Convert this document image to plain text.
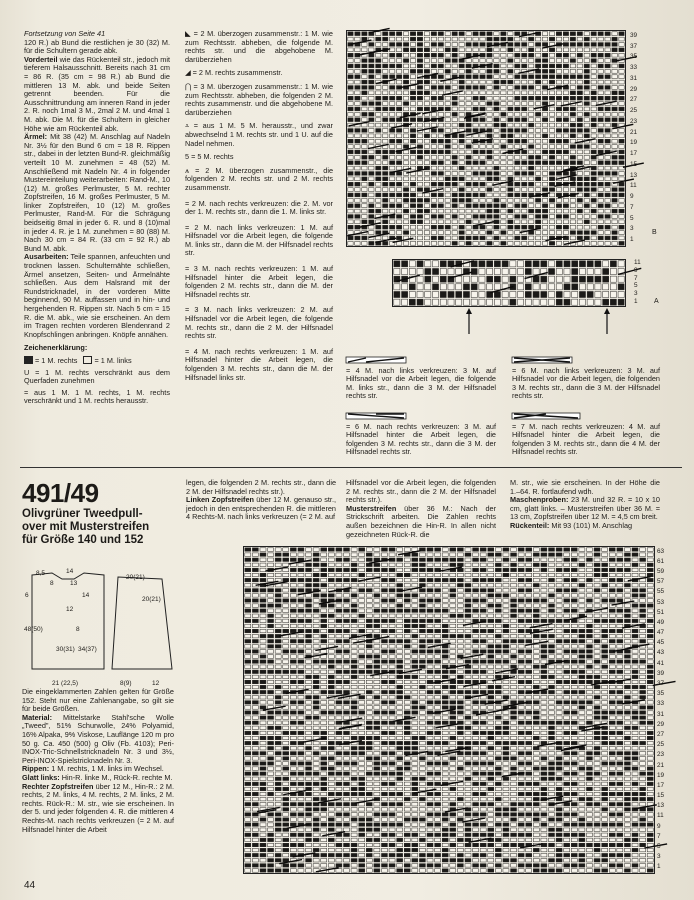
Fortsetzung von Seite 41

120 R.) ab Bund die restlichen je 30 (32) M. für die Schultern gerade abk.

Vorderteil wie das Rückenteil str., jedoch mit tieferem Halsausschnitt. Bereits nach 31 cm = 86 R. (35 cm = 98 R.) ab Bund die mittleren 13 M. abk. und beide Seiten getrennt beenden. Für die Ausschnittrundung am inneren Rand in jeder 2. R. noch 1mal 3 M., 2mal 2 M. und 4mal 1 M. abk. Die M. für die Schultern in gleicher Höhe wie am Rückenteil abk.

Ärmel: Mit 38 (42) M. Anschlag auf Nadeln Nr. 3½ für den Bund 6 cm = 18 R. Rippen str., dabei in der letzten Bund-R. gleichmäßig verteilt 10 M. zunehmen = 48 (52) M. Anschließend mit Nadeln Nr. 4 in folgender Mustereinteilung weiterarbeiten: Rand-M., 10 (12) M. großes Perlmuster, 5 M. rechter Zopfstreifen, 16 M. großes Perlmuster, 5 M. linker Zopfstreifen, 10 (12) M. großes Perlmuster, Rand-M. Für die Schrägung beidseitig 8mal in jeder 6. R. und 8 (10)mal in jeder 4. R. je 1 M. zunehmen = 80 (88) M. Nach 30 cm = 84 R. (33 cm = 92 R.) ab Bund M. abk.

Ausarbeiten: Teile spannen, anfeuchten und trocknen lassen. Schulternähte schließen, Ärmel ansetzen, Seiten- und Ärmelnähte schließen. Aus dem Halsrand mit der Rundstricknadel, in der vorderen Mitte beginnend, 90 M. auffassen und in hin- und hergehenden R. Rippen str. Nach 5 cm = 15 R. die M. abk., wie sie erscheinen. An dem im Tragen rechten vorderen Blendenrand 2 Knopfschlingen anbringen. Knöpfe annähen.

Zeichenerklärung:

= 1 M. rechts = 1 M. links

U = 1 M. rechts verschränkt aus dem Querfaden zunehmen

= aus 1 M. 1 M. rechts, 1 M. rechts verschränkt und 1 M. rechts herausstr.

◣ = 2 M. überzogen zusammenstr.: 1 M. wie zum Rechtsstr. abheben, die folgende M. rechts str. und die abgehobene M. darüberziehen

◢ = 2 M. rechts zusammenstr.

⋂ = 3 M. überzogen zusammenstr.: 1 M. wie zum Rechtsstr. abheben, die folgenden 2 M. rechts zusammenstr. und die abgehobene M. darüberziehen

⩡ = aus 1 M. 5 M. herausstr., und zwar abwechselnd 1 M. rechts str. und 1 U. auf die Nadel nehmen.

5 = 5 M. rechts

⩚ = 2 M. überzogen zusammenstr., die folgenden 2 M. rechts str. und 2 M. rechts zusammenstr.

= 2 M. nach rechts verkreuzen: die 2. M. vor der 1. M. rechts str., dann die 1. M. links str.

= 2 M. nach links verkreuzen: 1 M. auf Hilfsnadel vor die Arbeit legen, die folgende M. links str., dann die M. der Hilfsnadel rechts str.

= 3 M. nach rechts verkreuzen: 1 M. auf Hilfsnadel hinter die Arbeit legen, die folgenden 2 M. rechts str., dann die M. der Hilfsnadel rechts str.

= 3 M. nach links verkreuzen: 2 M. auf Hilfsnadel vor die Arbeit legen, die folgende M. rechts str., dann die 2 M. der Hilfsnadel rechts str.

= 4 M. nach rechts verkreuzen: 1 M. auf Hilfsnadel hinter die Arbeit legen, die folgenden 3 M. rechts str., dann die M. der Hilfsnadel links str.

39
37
35
33
31
29
27
25
23
21
19
17
15
13
11
9
7
5
3
1
B
11
9
7
5
3
1 A

= 4 M. nach links verkreuzen: 3 M. auf Hilfsnadel vor die Arbeit legen, die folgende M. links str., dann die 3 M. der Hilfsnadel rechts str.

= 6 M. nach links verkreuzen: 3 M. auf Hilfsnadel vor die Arbeit legen, die folgenden 3 M. rechts str., dann die 3 M. der Hilfsnadel rechts str.

= 6 M. nach rechts verkreuzen: 3 M. auf Hilfsnadel hinter die Arbeit legen, die folgenden 3 M. rechts str., dann die 3 M. der Hilfsnadel rechts str.

= 7 M. nach rechts verkreuzen: 4 M. auf Hilfsnadel hinter die Arbeit legen, die folgenden 3 M. rechts str., dann die 4 M. der Hilfsnadel rechts str.

491/49
Olivgrüner Tweedpull-
over mit Musterstreifen
für Größe 140 und 152
8,5	14
8	13
6
20(21)
48(50)
12
8
20(21)
14
30(31) 34(37)
21 (22,5)	8(9)	12

Die eingeklammerten Zahlen gelten für Größe 152. Steht nur eine Zahlenangabe, so gilt sie für beide Größen.

Material: Mittelstarke Stahl'sche Wolle „Tweed", 51% Schurwolle, 24% Polyamid, 16% Alpaka, 9% Viskose, Lauflänge 120 m pro 50 g. Ca. 450 (500) g Oliv (Fb. 4103); Peri-INOX-Tric-Schnellstricknadeln Nr. 3 und 3½, Peri-INOX-Spielstricknadeln Nr. 3.

Rippen: 1 M. rechts, 1 M. links im Wechsel.

Glatt links: Hin-R. linke M., Rück-R. rechte M.

Rechter Zopfstreifen über 12 M., Hin-R.: 2 M. rechts, 2 M. links, 4 M. rechts, 2 M. links, 2 M. rechts. Rück-R.: M. str., wie sie erscheinen. In der 5. und jeder folgenden 4. R. die mittleren 4 Rechts-M. nach rechts verkreuzen (= 2 M. auf Hilfsnadel hinter die Arbeit

legen, die folgenden 2 M. rechts str., dann die 2 M. der Hilfsnadel rechts str.).

Linken Zopfstreifen über 12 M. genauso str., jedoch in den entsprechenden R. die mittleren 4 Rechts-M. nach links verkreuzen (= 2 M. auf

Hilfsnadel vor die Arbeit legen, die folgenden 2 M. rechts str., dann die 2 M. der Hilfsnadel rechts str.).

Musterstreifen über 36 M.: Nach der Strickschrift arbeiten. Die Zahlen rechts außen bezeichnen die Hin-R. In allen nicht gezeichneten Rück-R. die

M. str., wie sie erscheinen. In der Höhe die 1.–64. R. fortlaufend wdh.

Maschenproben: 23 M. und 32 R. = 10 x 10 cm, glatt links. – Musterstreifen über 36 M. = 13 cm, Zopfstreifen über 12 M. = 4,5 cm breit.

Rückenteil: Mit 93 (101) M. Anschlag

63
61
59
57
55
53
51
49
47
45
43
41
39
37
35
33
31
29
27
25
23
21
19
17
15
13
11
9
7
5
3
1
44
